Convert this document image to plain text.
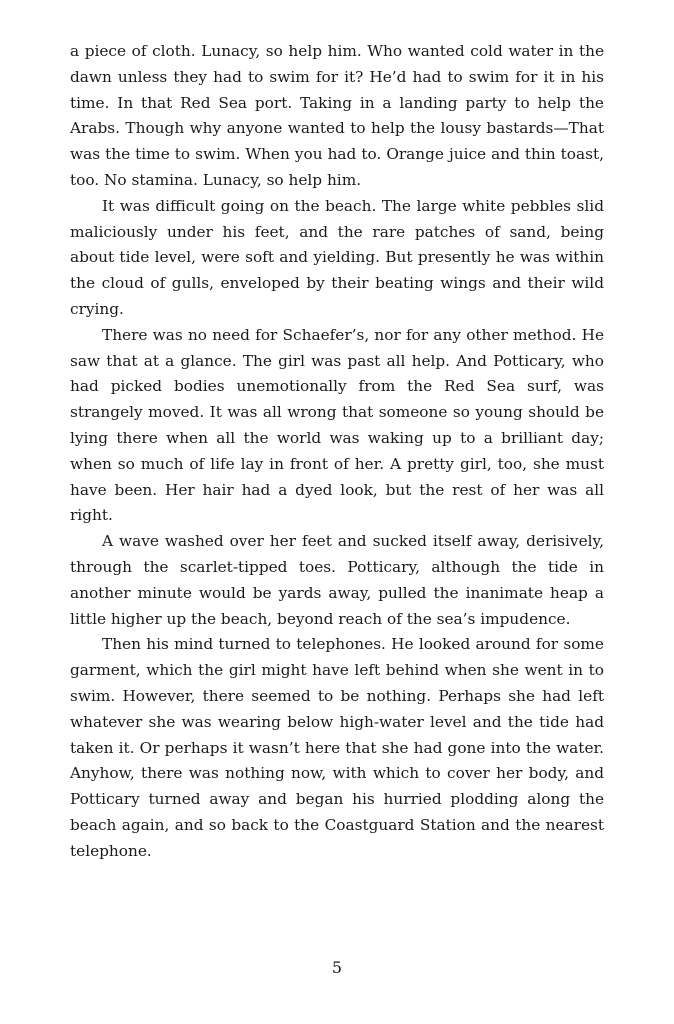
a piece of cloth. Lunacy, so help him. Who wanted cold water in the dawn unless they had to swim for it? He’d had to swim for it in his time. In that Red Sea port. Taking in a landing party to help the Arabs. Though why anyone wanted to help the lousy bastards—That was the time to swim. When you had to. Orange juice and thin toast, too. No stamina. Lunacy, so help him.

It was difficult going on the beach. The large white pebbles slid maliciously under his feet, and the rare patches of sand, being about tide level, were soft and yielding. But presently he was within the cloud of gulls, enveloped by their beating wings and their wild crying.

There was no need for Schaefer’s, nor for any other method. He saw that at a glance. The girl was past all help. And Potticary, who had picked bodies unemotionally from the Red Sea surf, was strangely moved. It was all wrong that someone so young should be lying there when all the world was waking up to a brilliant day; when so much of life lay in front of her. A pretty girl, too, she must have been. Her hair had a dyed look, but the rest of her was all right.

A wave washed over her feet and sucked itself away, derisively, through the scarlet-tipped toes. Potticary, although the tide in another minute would be yards away, pulled the inanimate heap a little higher up the beach, beyond reach of the sea’s impudence.

Then his mind turned to telephones. He looked around for some garment, which the girl might have left behind when she went in to swim. However, there seemed to be nothing. Perhaps she had left whatever she was wearing below high-water level and the tide had taken it. Or perhaps it wasn’t here that she had gone into the water. Anyhow, there was nothing now, with which to cover her body, and Potticary turned away and began his hurried plodding along the beach again, and so back to the Coastguard Station and the nearest telephone.

5
